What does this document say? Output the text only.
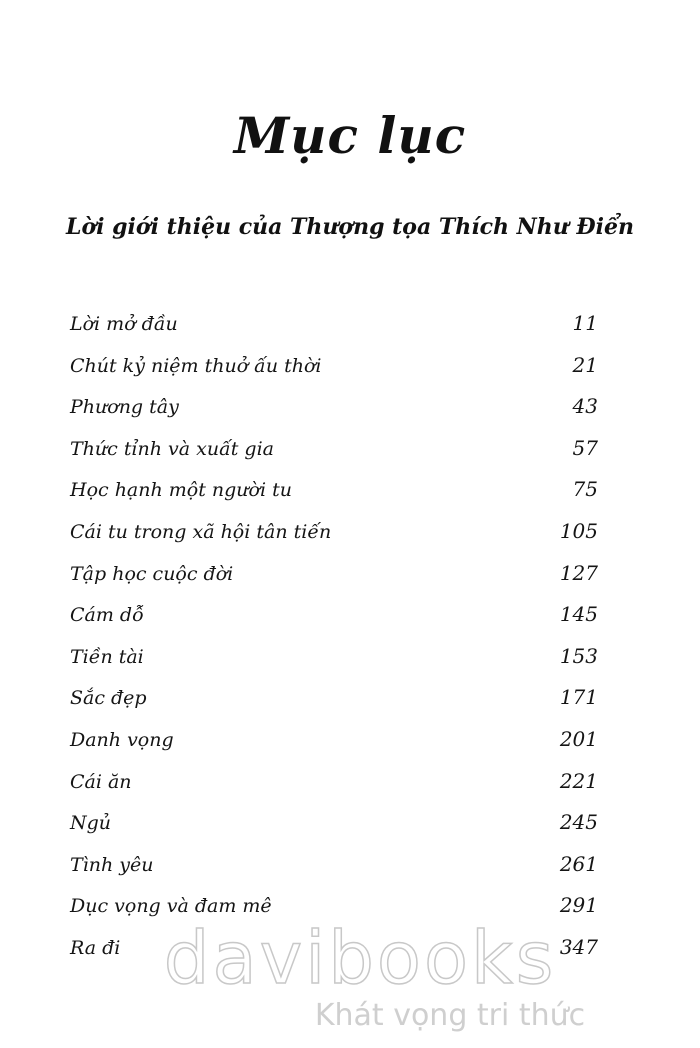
Mục lục
Lời giới thiệu của Thượng tọa Thích Như Điển
Lời mở đầu	11
Chút kỷ niệm thuở ấu thời	21
Phương tây	43
Thức tỉnh và xuất gia	57
Học hạnh một người tu	75
Cái tu trong xã hội tân tiến	105
Tập học cuộc đời	127
Cám dỗ	145
Tiền tài	153
Sắc đẹp	171
Danh vọng	201
Cái ăn	221
Ngủ	245
Tình yêu	261
Dục vọng và đam mê	291
Ra đi	347
davibooks
Khát vọng tri thức
